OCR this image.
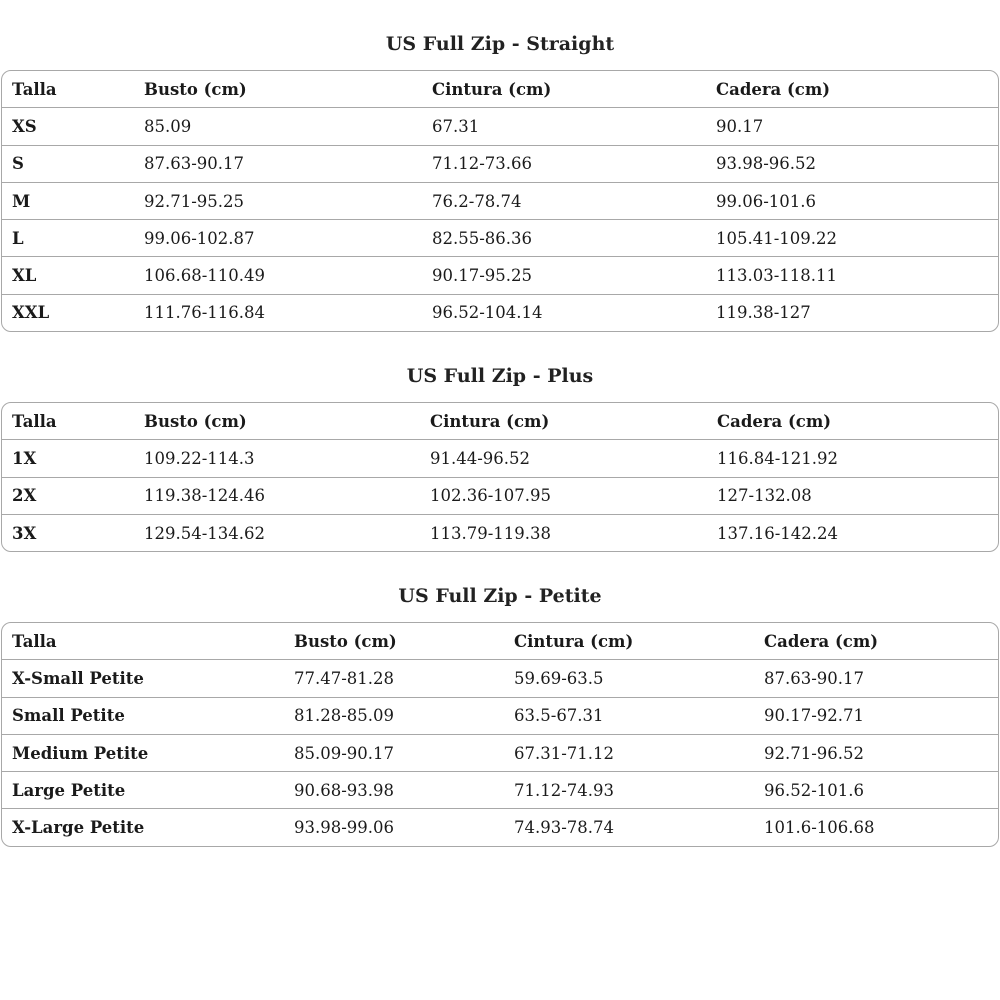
US Full Zip - Straight
Talla	Busto (cm)	Cintura (cm)	Cadera (cm)
XS	85.09	67.31	90.17
S	87.63-90.17	71.12-73.66	93.98-96.52
M	92.71-95.25	76.2-78.74	99.06-101.6
L	99.06-102.87	82.55-86.36	105.41-109.22
XL	106.68-110.49	90.17-95.25	113.03-118.11
XXL	111.76-116.84	96.52-104.14	119.38-127
US Full Zip - Plus
Talla	Busto (cm)	Cintura (cm)	Cadera (cm)
1X	109.22-114.3	91.44-96.52	116.84-121.92
2X	119.38-124.46	102.36-107.95	127-132.08
3X	129.54-134.62	113.79-119.38	137.16-142.24
US Full Zip - Petite
Talla	Busto (cm)	Cintura (cm)	Cadera (cm)
X-Small Petite	77.47-81.28	59.69-63.5	87.63-90.17
Small Petite	81.28-85.09	63.5-67.31	90.17-92.71
Medium Petite	85.09-90.17	67.31-71.12	92.71-96.52
Large Petite	90.68-93.98	71.12-74.93	96.52-101.6
X-Large Petite	93.98-99.06	74.93-78.74	101.6-106.68
